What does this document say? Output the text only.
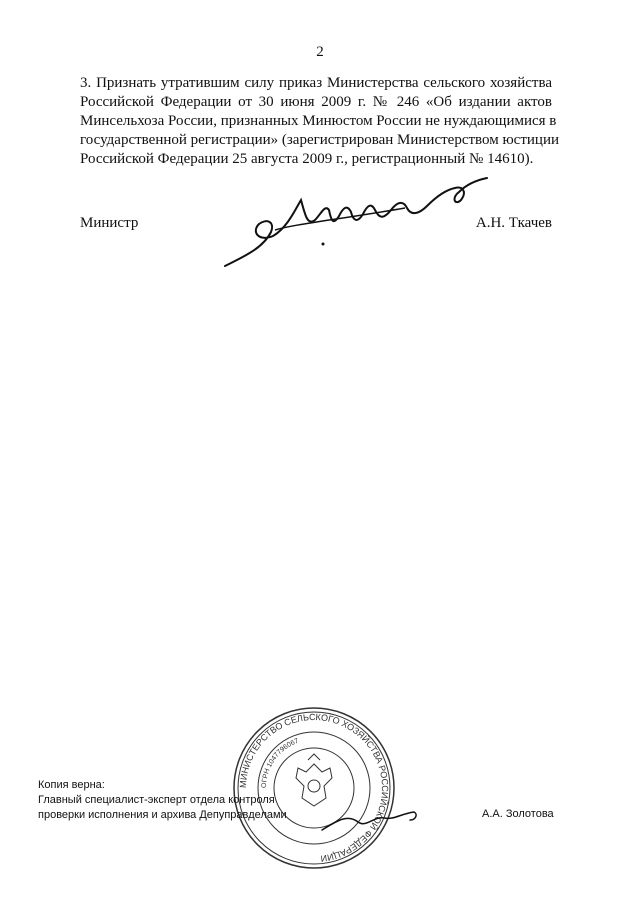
2
3. Признать утратившим силу приказ Министерства сельского хозяйства
Российской Федерации от 30 июня 2009 г. № 246 «Об издании актов
Минсельхоза России, признанных Минюстом России не нуждающимися в
государственной регистрации» (зарегистрирован Министерством юстиции
Российской Федерации 25 августа 2009 г., регистрационный № 14610).
Министр	А.Н. Ткачев
МИНИСТЕРСТВО СЕЛЬСКОГО ХОЗЯЙСТВА РОССИЙСКОЙ ФЕДЕРАЦИИ
ОГРН 1047796067
Копия верна:
Главный специалист-эксперт отдела контроля
проверки исполнения и архива Депуправделами	А.А. Золотова
